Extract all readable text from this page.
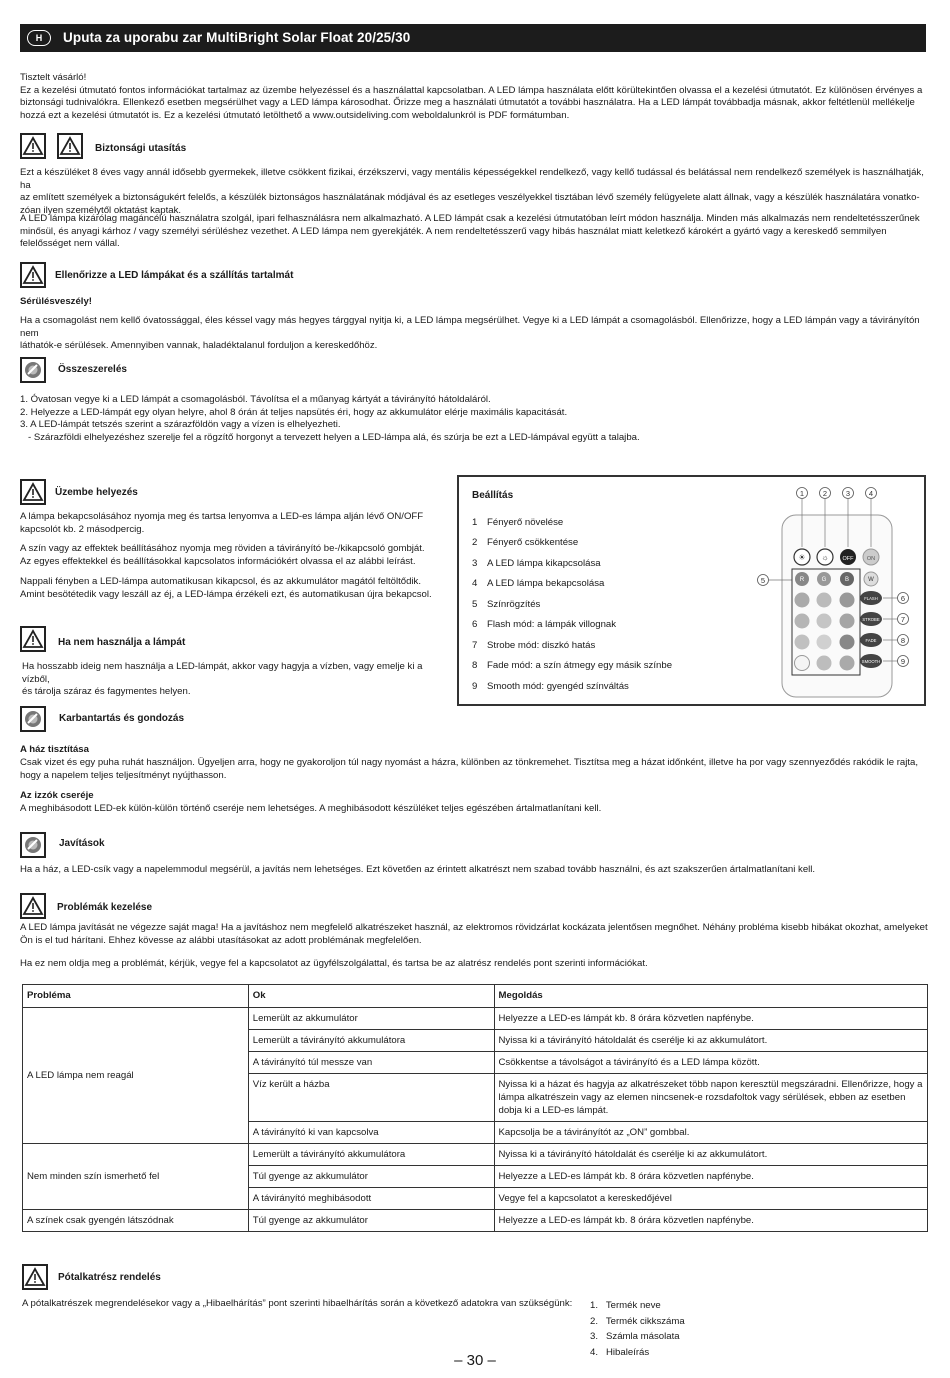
H	Uputa za uporabu zar MultiBright Solar Float 20/25/30
Tisztelt vásárló!
Ez a kezelési útmutató fontos információkat tartalmaz az üzembe helyezéssel és a használattal kapcsolatban. A LED lámpa használata előtt körültekintően olvassa el a kezelési útmutatót. Ez különösen érvényes a
biztonsági tudnivalókra. Ellenkező esetben megsérülhet vagy a LED lámpa károsodhat. Őrizze meg a használati útmutatót a további használatra. Ha a LED lámpát továbbadja másnak, akkor feltétlenül mellékelje
hozzá ezt a kezelési útmutatót is. Ez a kezelési útmutató letölthető a www.outsideliving.com weboldalunkról is PDF formátumban.
Biztonsági utasítás
Ezt a készüléket 8 éves vagy annál idősebb gyermekek, illetve csökkent fizikai, érzékszervi, vagy mentális képességekkel rendelkező, vagy kellő tudással és belátással nem rendelkező személyek is használhatják, ha
az említett személyek a biztonságukért felelős, a készülék biztonságos használatának módjával és az esetleges veszélyekkel tisztában lévő személy felügyelete alatt állnak, vagy a készülék használatára vonatko-
zóan ilyen személytől oktatást kaptak.
A LED lámpa kizárólag magáncélú használatra szolgál, ipari felhasználásra nem alkalmazható. A LED lámpát csak a kezelési útmutatóban leírt módon használja. Minden más alkalmazás nem rendeltetésszerűnek
minősül, és anyagi kárhoz / vagy személyi sérüléshez vezethet. A LED lámpa nem gyerekjáték. A nem rendeltetésszerű vagy hibás használat miatt keletkező károkért a gyártó vagy a kereskedő semmilyen
felelősséget nem vállal.
Ellenőrizze a LED lámpákat és a szállítás tartalmát
Sérülésveszély!
Ha a csomagolást nem kellő óvatossággal, éles késsel vagy más hegyes tárggyal nyitja ki, a LED lámpa megsérülhet. Vegye ki a LED lámpát a csomagolásból. Ellenőrizze, hogy a LED lámpán vagy a távirányítón nem
láthatók-e sérülések. Amennyiben vannak, haladéktalanul forduljon a kereskedőhöz.
Összeszerelés
1. Óvatosan vegye ki a LED lámpát a csomagolásból. Távolítsa el a műanyag kártyát a távirányító hátoldaláról.
2. Helyezze a LED-lámpát egy olyan helyre, ahol 8 órán át teljes napsütés éri, hogy az akkumulátor elérje maximális kapacitását.
3. A LED-lámpát tetszés szerint a szárazföldön vagy a vízen is elhelyezheti.
- Szárazföldi elhelyezéshez szerelje fel a rögzítő horgonyt a tervezett helyen a LED-lámpa alá, és szúrja be ezt a LED-lámpával együtt a talajba.
Üzembe helyezés
A lámpa bekapcsolásához nyomja meg és tartsa lenyomva a LED-es lámpa alján lévő ON/OFF
kapcsolót kb. 2 másodpercig.
A szín vagy az effektek beállításához nyomja meg röviden a távirányító be-/kikapcsoló gombját.
Az egyes effektekkel és beállításokkal kapcsolatos információkért olvassa el az alábbi leírást.
Nappali fényben a LED-lámpa automatikusan kikapcsol, és az akkumulátor magától feltöltődik.
Amint besötétedik vagy leszáll az éj, a LED-lámpa érzékeli ezt, és automatikusan újra bekapcsol.
Beállítás
1 Fényerő növelése
2 Fényerő csökkentése
3 A LED lámpa kikapcsolása
4 A LED lámpa bekapcsolása
5 Színrögzítés
6 Flash mód: a lámpák villognak
7 Strobe mód: diszkó hatás
8 Fade mód: a szín átmegy egy másik színbe
9 Smooth mód: gyengéd színváltás
1	2	3	4
5
6
7
8
9
☀ ☼	OFF ON
R	G	B	W
FLASH
STROBE
FADE
SMOOTH
Ha nem használja a lámpát
Ha hosszabb ideig nem használja a LED-lámpát, akkor vagy hagyja a vízben, vagy emelje ki a vízből,
és tárolja száraz és fagymentes helyen.
Karbantartás és gondozás
A ház tisztítása
Csak vizet és egy puha ruhát használjon. Ügyeljen arra, hogy ne gyakoroljon túl nagy nyomást a házra, különben az tönkremehet. Tisztítsa meg a házat időnként, illetve ha por vagy szennyeződés rakódik le rajta,
hogy a napelem teljes teljesítményt nyújthasson.
Az izzók cseréje
A meghibásodott LED-ek külön-külön történő cseréje nem lehetséges. A meghibásodott készüléket teljes egészében ártalmatlanítani kell.
Javítások
Ha a ház, a LED-csík vagy a napelemmodul megsérül, a javítás nem lehetséges. Ezt követően az érintett alkatrészt nem szabad tovább használni, és azt szakszerűen ártalmatlanítani kell.
Problémák kezelése
A LED lámpa javítását ne végezze saját maga! Ha a javításhoz nem megfelelő alkatrészeket használ, az elektromos rövidzárlat kockázata jelentősen megnőhet. Néhány probléma kisebb hibákat okozhat, amelyeket
Ön is el tud hárítani. Ehhez kövesse az alábbi utasításokat az adott problémának megfelelően.
Ha ez nem oldja meg a problémát, kérjük, vegye fel a kapcsolatot az ügyfélszolgálattal, és tartsa be az alatrész rendelés pont szerinti információkat.
Probléma	Ok	Megoldás
A LED lámpa nem reagál	Lemerült az akkumulátor	Helyezze a LED-es lámpát kb. 8 órára közvetlen napfénybe.
	Lemerült a távirányító akkumulátora	Nyissa ki a távirányító hátoldalát és cserélje ki az akkumulátort.
	A távirányító túl messze van	Csökkentse a távolságot a távirányító és a LED lámpa között.
	Víz került a házba	Nyissa ki a házat és hagyja az alkatrészeket több napon keresztül megszáradni. Ellenőrizze, hogy a lámpa alkatrészein vagy az elemen nincsenek-e rozsdafoltok vagy sérülések, ebben az esetben dobja ki a LED-es lámpát.
	A távirányító ki van kapcsolva	Kapcsolja be a távirányítót az „ON” gombbal.
Nem minden szín ismerhető fel	Lemerült a távirányító akkumulátora	Nyissa ki a távirányító hátoldalát és cserélje ki az akkumulátort.
	Túl gyenge az akkumulátor	Helyezze a LED-es lámpát kb. 8 órára közvetlen napfénybe.
	A távirányító meghibásodott	Vegye fel a kapcsolatot a kereskedőjével
A színek csak gyengén látszódnak	Túl gyenge az akkumulátor	Helyezze a LED-es lámpát kb. 8 órára közvetlen napfénybe.
Pótalkatrész rendelés
A pótalkatrészek megrendelésekor vagy a „Hibaelhárítás” pont szerinti hibaelhárítás során a következő adatokra van szükségünk:	1.   Termék neve
2.   Termék cikkszáma
3.   Számla másolata
4.   Hibaleírás
– 30 –
